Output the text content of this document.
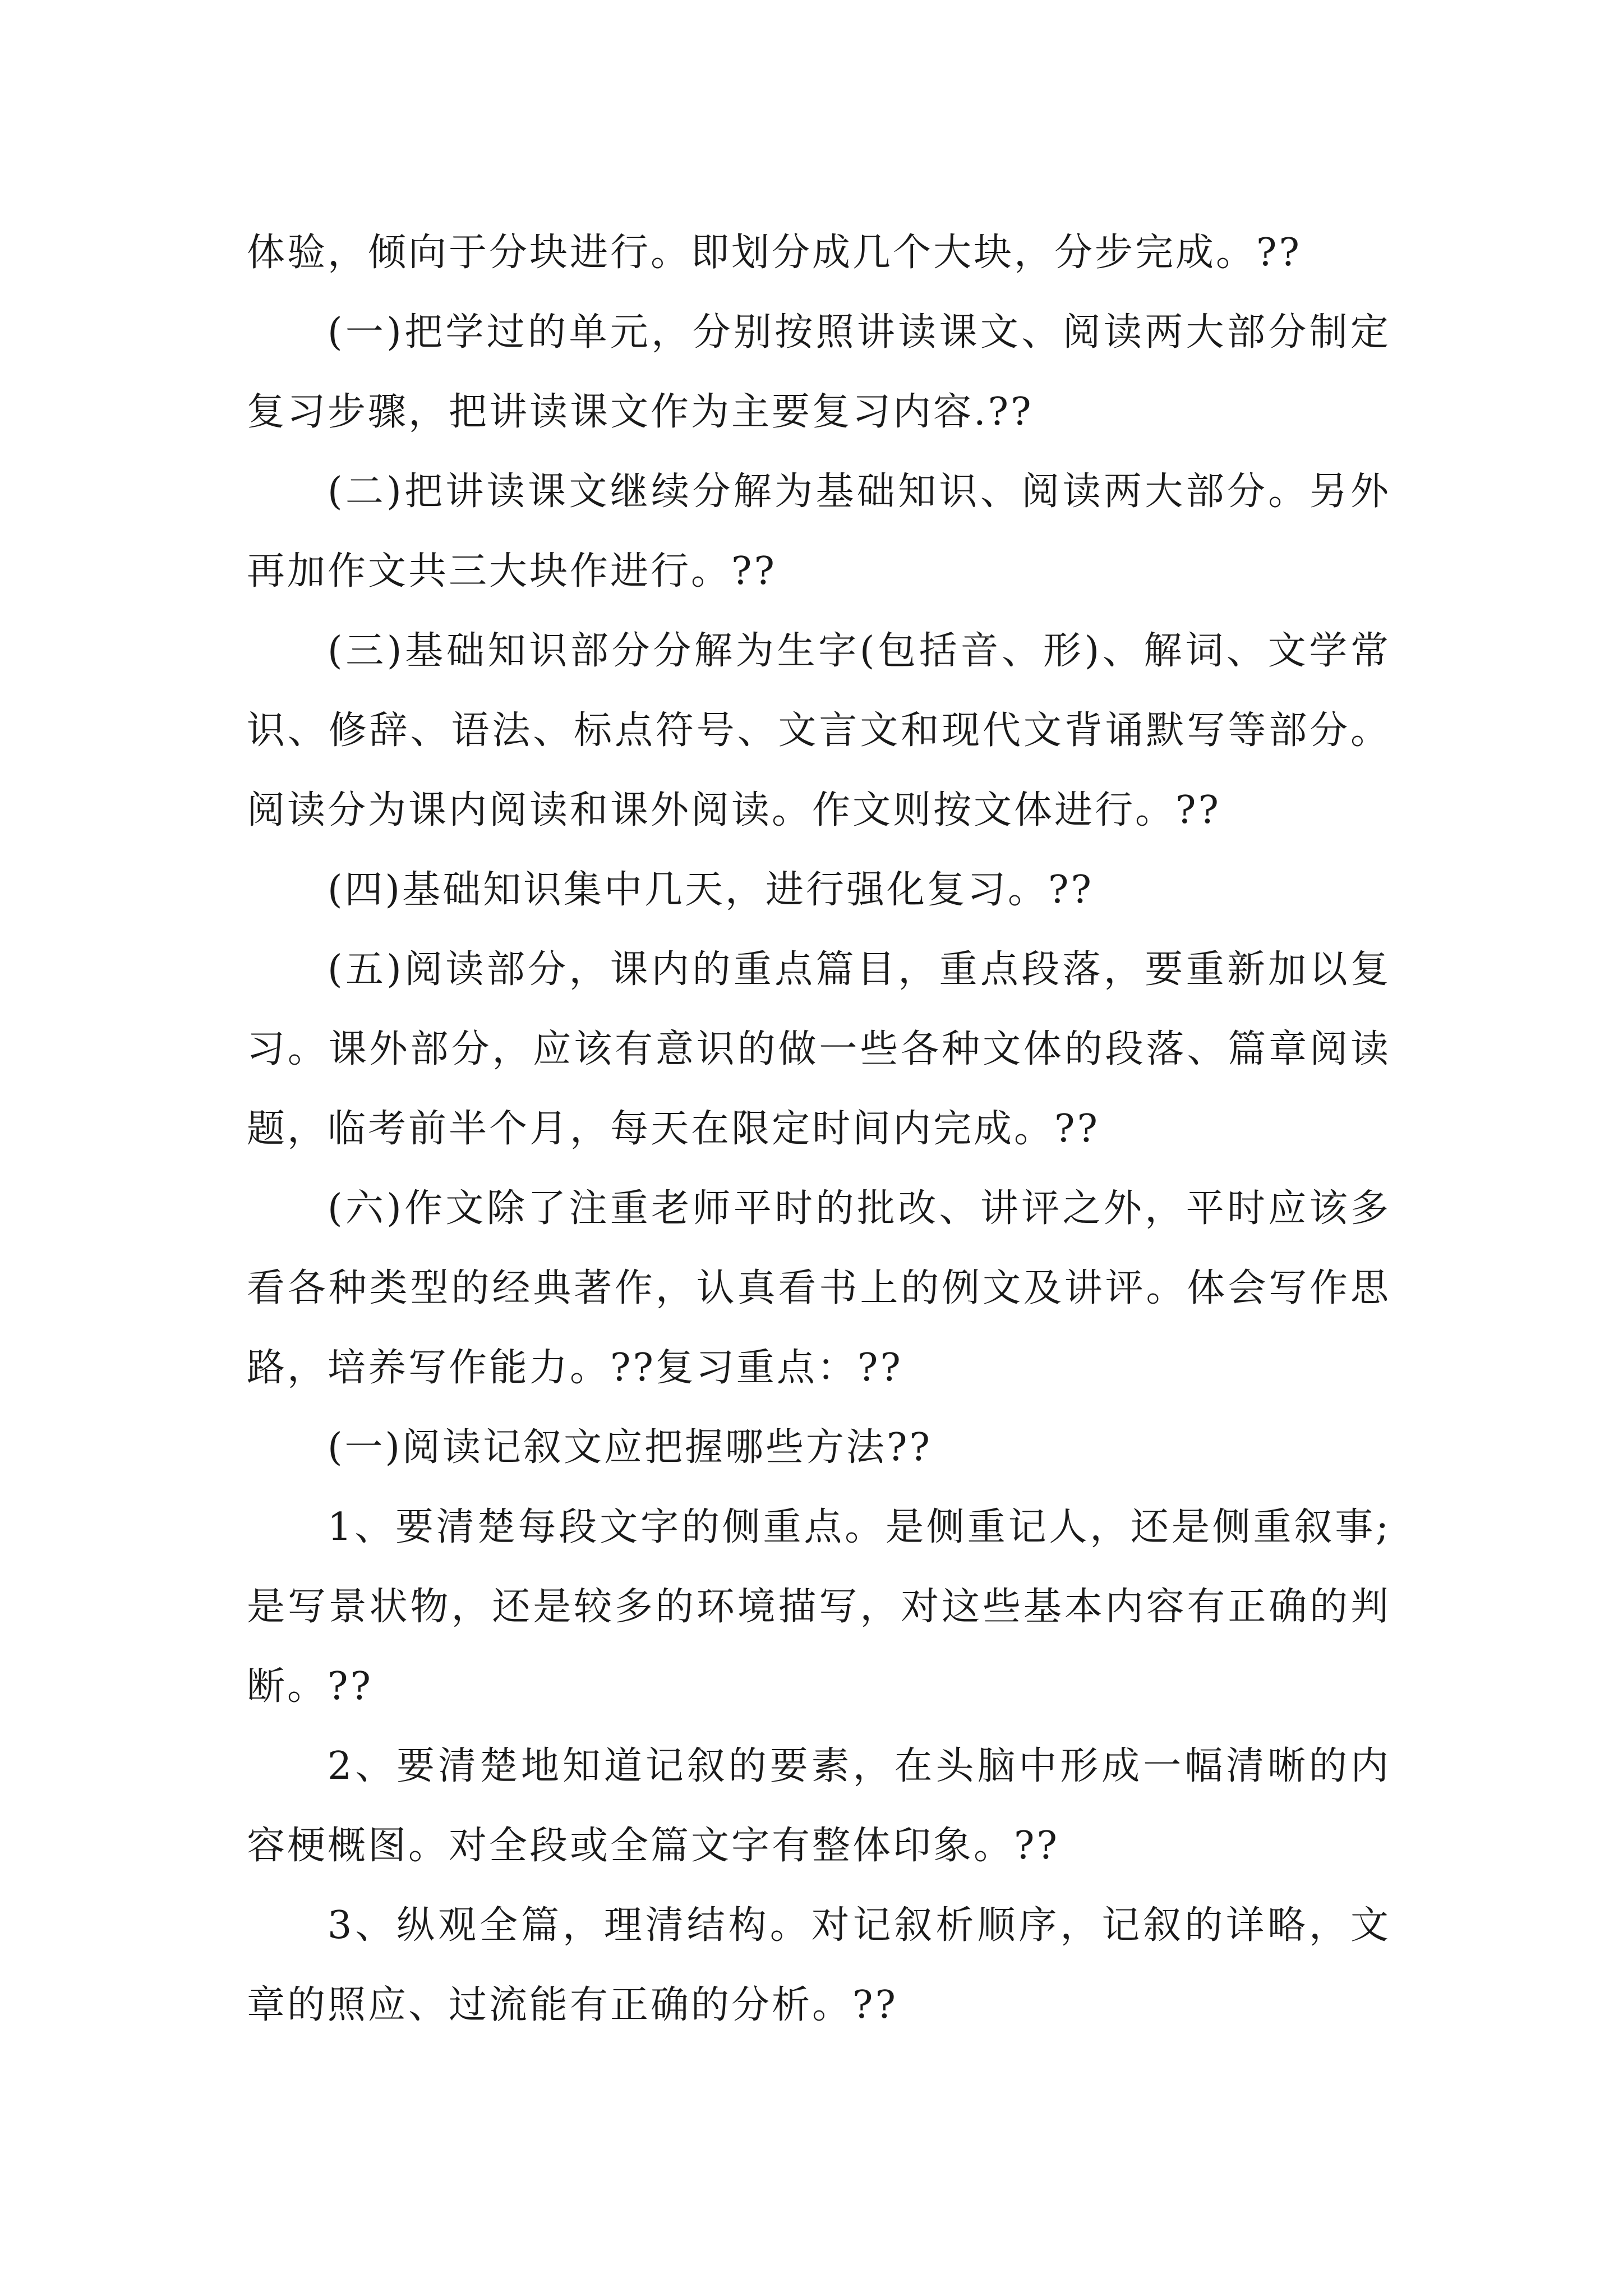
体验，倾向于分块进行。即划分成几个大块，分步完成。??

(一)把学过的单元，分别按照讲读课文、阅读两大部分制定复习步骤，把讲读课文作为主要复习内容.??

(二)把讲读课文继续分解为基础知识、阅读两大部分。另外再加作文共三大块作进行。??

(三)基础知识部分分解为生字(包括音、形)、解词、文学常识、修辞、语法、标点符号、文言文和现代文背诵默写等部分。阅读分为课内阅读和课外阅读。作文则按文体进行。??

(四)基础知识集中几天，进行强化复习。??

(五)阅读部分，课内的重点篇目，重点段落，要重新加以复习。课外部分，应该有意识的做一些各种文体的段落、篇章阅读题，临考前半个月，每天在限定时间内完成。??

(六)作文除了注重老师平时的批改、讲评之外，平时应该多看各种类型的经典著作，认真看书上的例文及讲评。体会写作思路，培养写作能力。??复习重点：??

(一)阅读记叙文应把握哪些方法??

1、要清楚每段文字的侧重点。是侧重记人，还是侧重叙事;是写景状物，还是较多的环境描写，对这些基本内容有正确的判断。??

2、要清楚地知道记叙的要素，在头脑中形成一幅清晰的内容梗概图。对全段或全篇文字有整体印象。??

3、纵观全篇，理清结构。对记叙析顺序，记叙的详略，文章的照应、过流能有正确的分析。??
